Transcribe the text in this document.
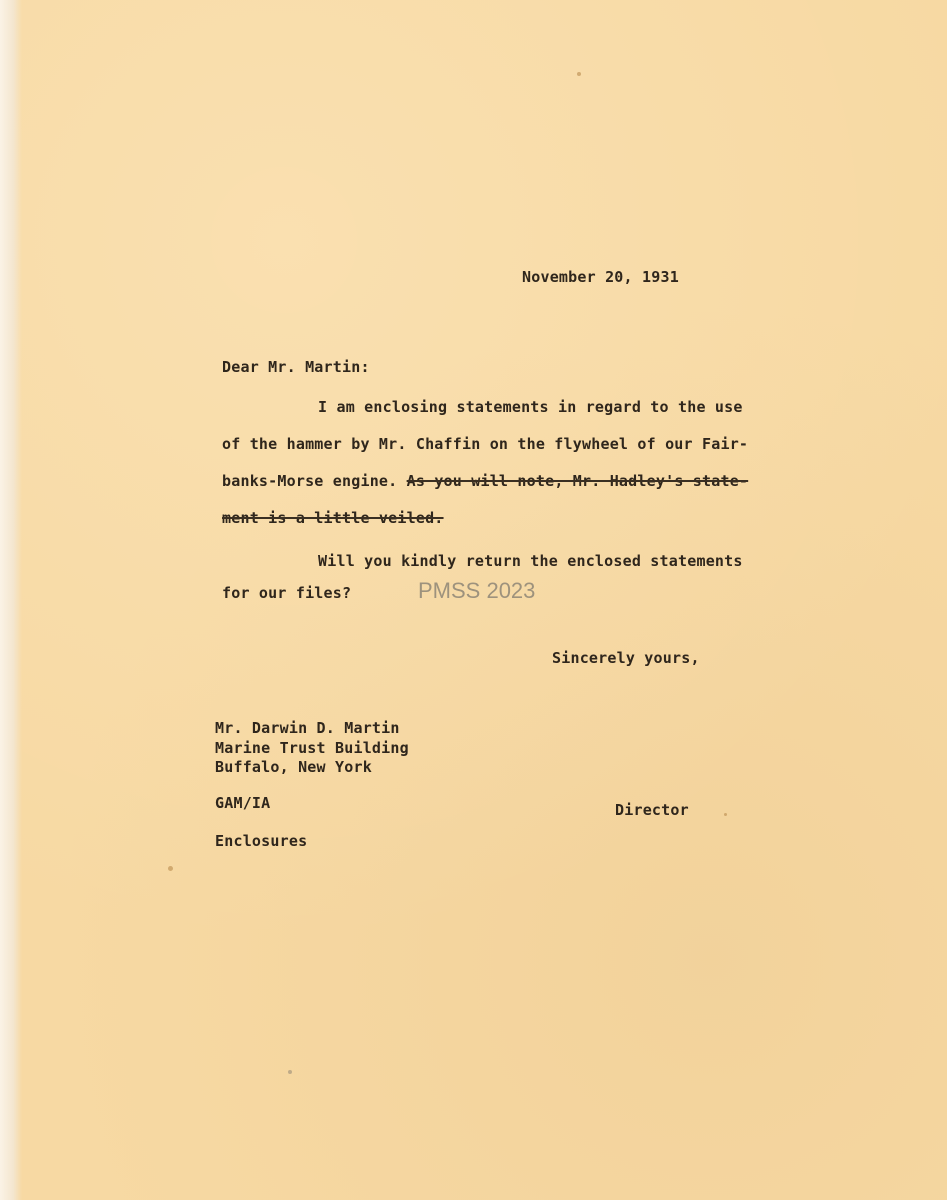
November 20, 1931
Dear Mr. Martin:
I am enclosing statements in regard to the use
of the hammer by Mr. Chaffin on the flywheel of our Fair-
banks-Morse engine. As you will note, Mr. Hadley's state-
ment is a little veiled.
Will you kindly return the enclosed statements
for our files?	PMSS 2023
Sincerely yours,
Mr. Darwin D. Martin
Marine Trust Building
Buffalo, New York
GAM/IA	Director
Enclosures
